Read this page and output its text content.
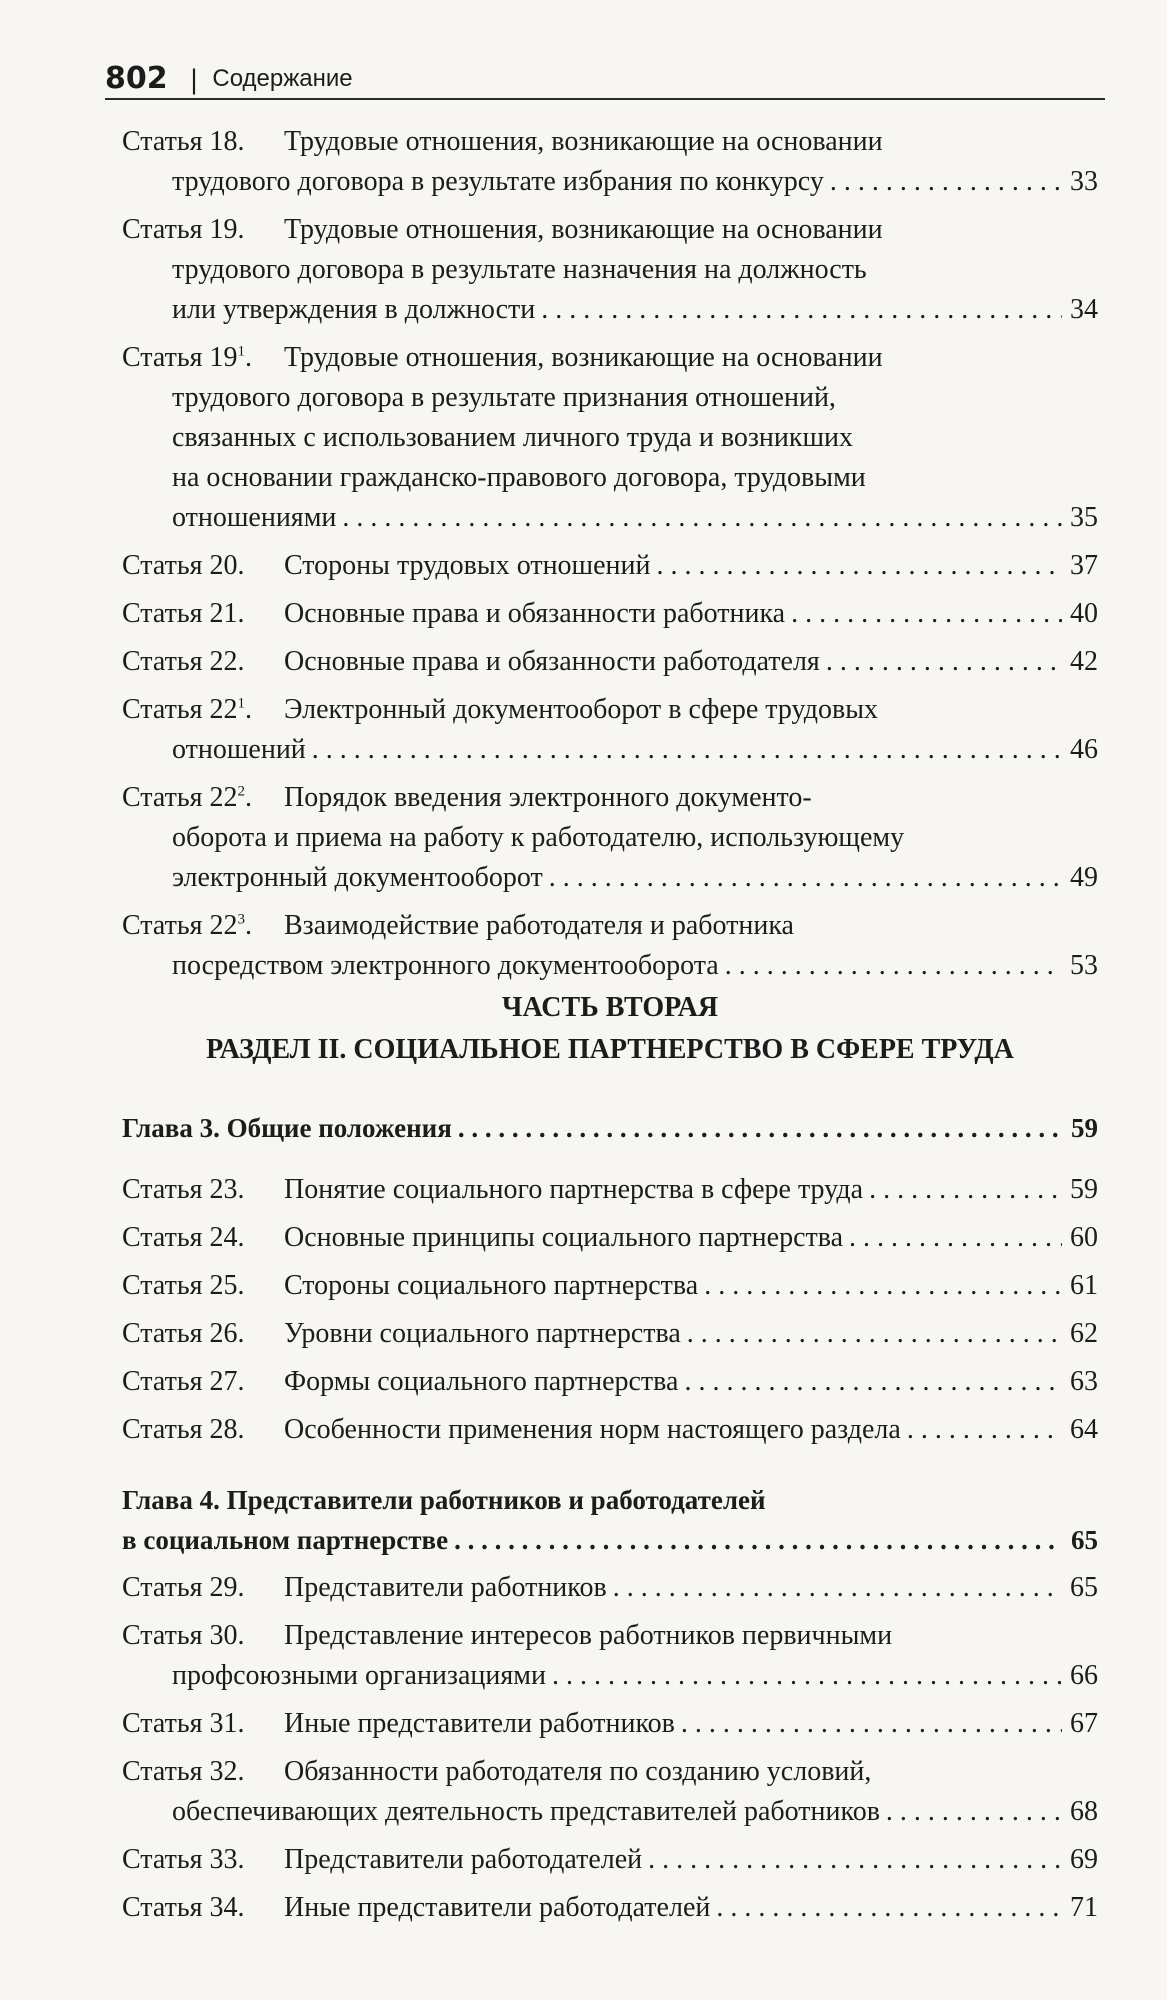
802 | Содержание
Статья 18.	Трудовые отношения, возникающие на основании
трудового договора в результате избрания по конкурсу . . .	33
Статья 19.	Трудовые отношения, возникающие на основании
трудового договора в результате назначения на должность
или утверждения в должности . . .	34
Статья $19^1$.	Трудовые отношения, возникающие на основании
трудового договора в результате признания отношений,
связанных с использованием личного труда и возникших
на основании гражданско-правового договора, трудовыми
отношениями . . .	35
Статья 20.	Стороны трудовых отношений . . .	37
Статья 21.	Основные права и обязанности работника . . .	40
Статья 22.	Основные права и обязанности работодателя . . .	42
Статья $22^1$.	Электронный документооборот в сфере трудовых
отношений . . .	46
Статья $22^2$.	Порядок введения электронного документо-
оборота и приема на работу к работодателю, использующему
электронный документооборот . . .	49
Статья $22^3$.	Взаимодействие работодателя и работника
посредством электронного документооборота . . .	53
ЧАСТЬ ВТОРАЯ
РАЗДЕЛ II. СОЦИАЛЬНОЕ ПАРТНЕРСТВО В СФЕРЕ ТРУДА
Глава 3. Общие положения . . .	59
Статья 23.	Понятие социального партнерства в сфере труда . . .	59
Статья 24.	Основные принципы социального партнерства . . .	60
Статья 25.	Стороны социального партнерства . . .	61
Статья 26.	Уровни социального партнерства . . .	62
Статья 27.	Формы социального партнерства . . .	63
Статья 28.	Особенности применения норм настоящего раздела . . .	64
Глава 4. Представители работников и работодателей
в социальном партнерстве . . .	65
Статья 29.	Представители работников . . .	65
Статья 30.	Представление интересов работников первичными
профсоюзными организациями . . .	66
Статья 31.	Иные представители работников . . .	67
Статья 32.	Обязанности работодателя по созданию условий,
обеспечивающих деятельность представителей работников . . .	68
Статья 33.	Представители работодателей . . .	69
Статья 34.	Иные представители работодателей . . .	71
